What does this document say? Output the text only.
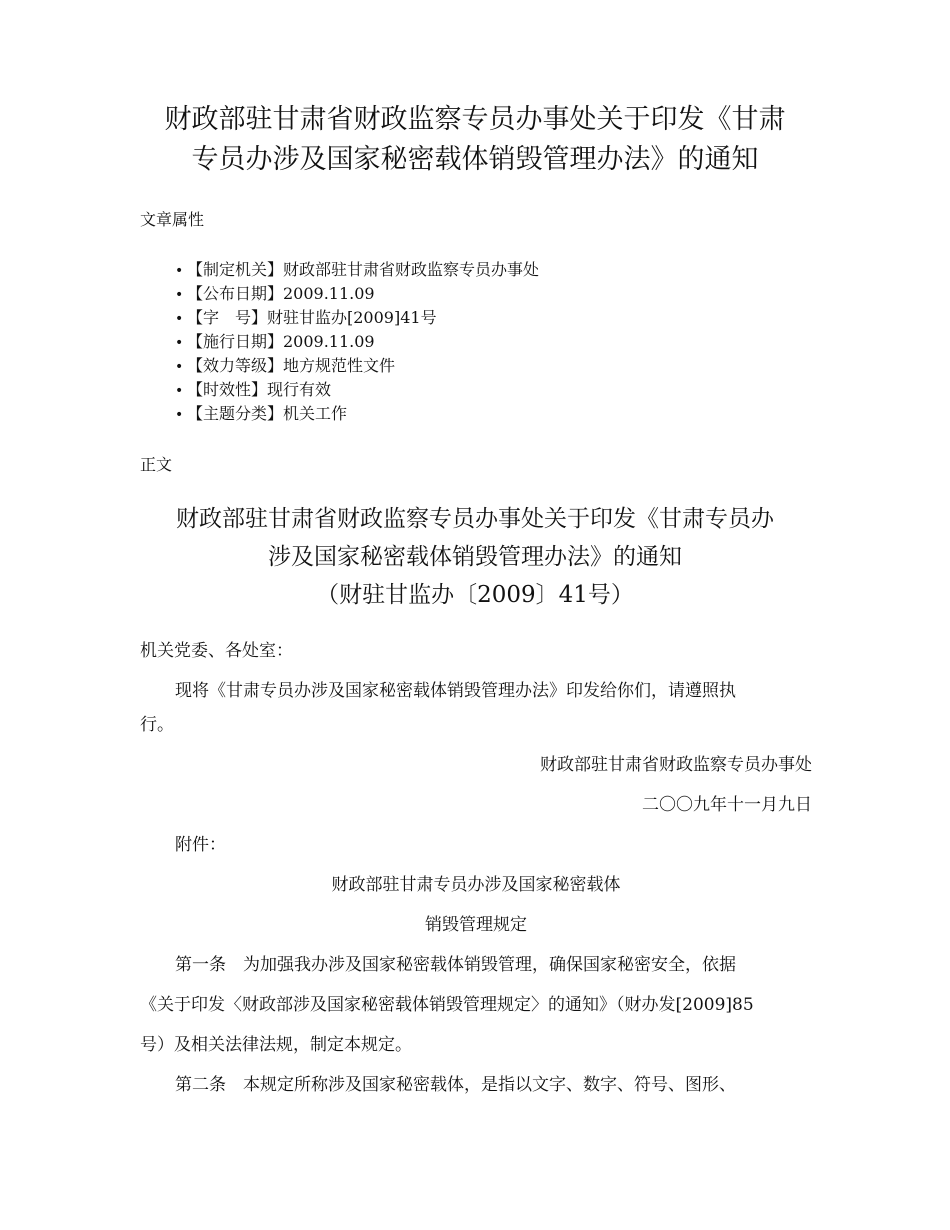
财政部驻甘肃省财政监察专员办事处关于印发《甘肃
专员办涉及国家秘密载体销毁管理办法》的通知
文章属性
• 【制定机关】财政部驻甘肃省财政监察专员办事处
• 【公布日期】2009.11.09
• 【字　号】财驻甘监办[2009]41号
• 【施行日期】2009.11.09
• 【效力等级】地方规范性文件
• 【时效性】现行有效
• 【主题分类】机关工作
正文
财政部驻甘肃省财政监察专员办事处关于印发《甘肃专员办
涉及国家秘密载体销毁管理办法》的通知
（财驻甘监办〔2009〕41号）
机关党委、各处室：
现将《甘肃专员办涉及国家秘密载体销毁管理办法》印发给你们，请遵照执
行。
财政部驻甘肃省财政监察专员办事处
二〇〇九年十一月九日
附件：
财政部驻甘肃专员办涉及国家秘密载体
销毁管理规定
第一条　为加强我办涉及国家秘密载体销毁管理，确保国家秘密安全，依据
《关于印发〈财政部涉及国家秘密载体销毁管理规定〉的通知》（财办发[2009]85
号）及相关法律法规，制定本规定。
第二条　本规定所称涉及国家秘密载体，是指以文字、数字、符号、图形、
